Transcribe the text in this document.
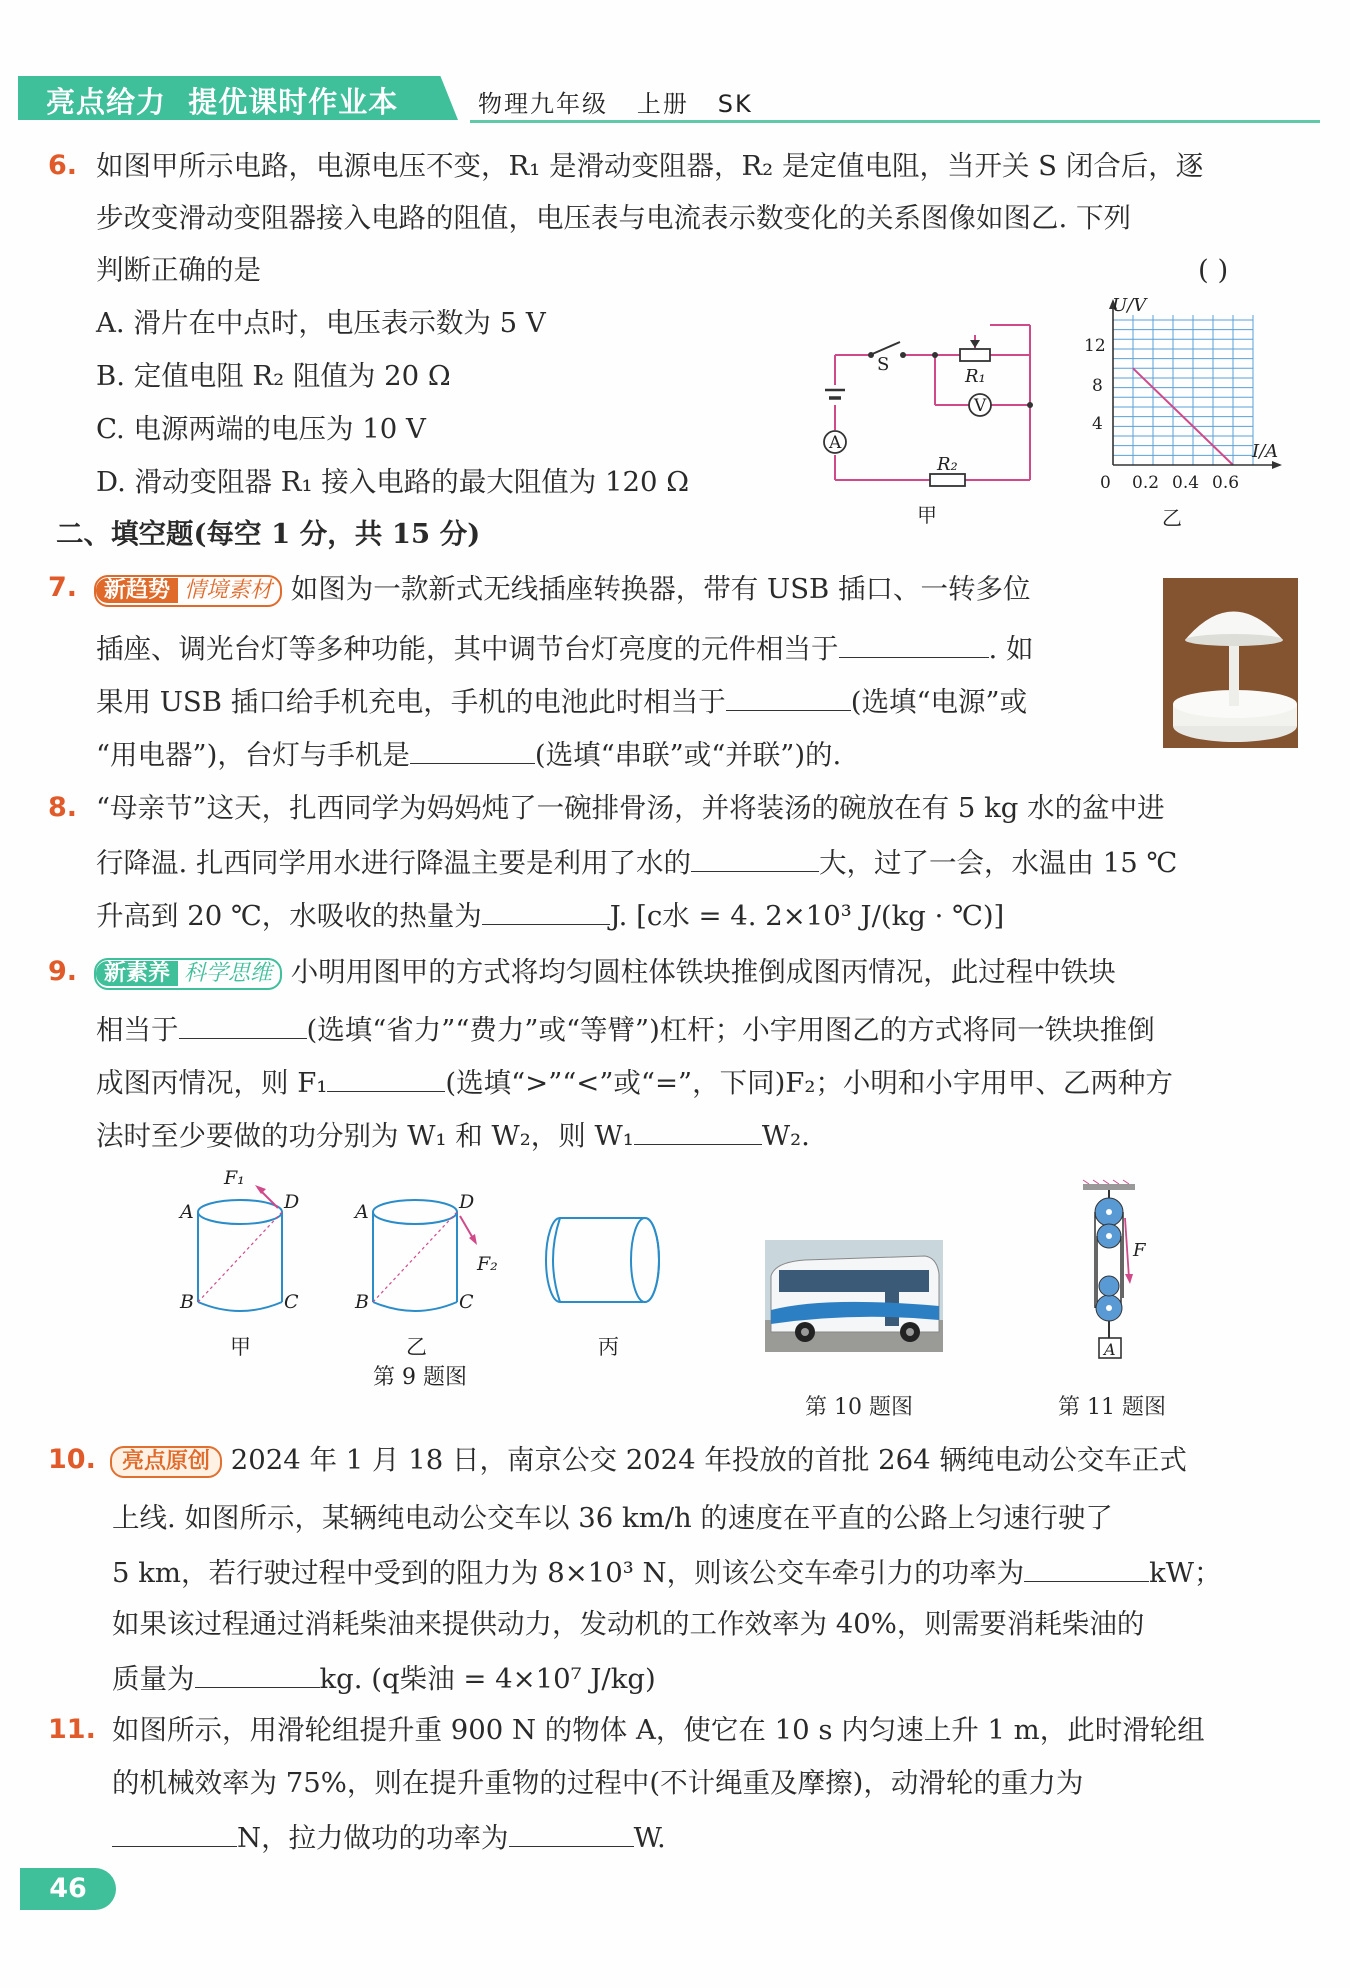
亮点给力  提优课时作业本	物理九年级   上册   SK
6. 如图甲所示电路，电源电压不变，R₁ 是滑动变阻器，R₂ 是定值电阻，当开关 S 闭合后，逐
步改变滑动变阻器接入电路的阻值，电压表与电流表示数变化的关系图像如图乙. 下列
判断正确的是	( )
A. 滑片在中点时，电压表示数为 5 V
B. 定值电阻 R₂ 阻值为 20 Ω
C. 电源两端的电压为 10 V
D. 滑动变阻器 R₁ 接入电路的最大阻值为 120 Ω
V
A
S
R₁
R₂
甲
U/V
I/A
12
8
4
0 0.2 0.4 0.6
乙
二、填空题(每空 1 分，共 15 分)
7.	新趋势 情境素材 如图为一款新式无线插座转换器，带有 USB 插口、一转多位
插座、调光台灯等多种功能，其中调节台灯亮度的元件相当于	. 如
果用 USB 插口给手机充电，手机的电池此时相当于	(选填“电源”或
“用电器”)，台灯与手机是	(选填“串联”或“并联”)的.
8. “母亲节”这天，扎西同学为妈妈炖了一碗排骨汤，并将装汤的碗放在有 5 kg 水的盆中进
行降温. 扎西同学用水进行降温主要是利用了水的	大，过了一会，水温由 15 ℃
升高到 20 ℃，水吸收的热量为	J. [c水 = 4. 2×10³ J/(kg · ℃)]
9.	新素养 科学思维 小明用图甲的方式将均匀圆柱体铁块推倒成图丙情况，此过程中铁块
相当于	(选填“省力”“费力”或“等臂”)杠杆；小宇用图乙的方式将同一铁块推倒
成图丙情况，则 F₁	(选填“>”“<”或“=”，下同)F₂；小明和小宇用甲、乙两种方
法时至少要做的功分别为 W₁ 和 W₂，则 W₁	W₂.
A	D
B	C
F₁
甲
A	D
B	C
F₂
乙	丙
第 9 题图
第 10 题图
F
A
第 11 题图
10.	亮点原创 2024 年 1 月 18 日，南京公交 2024 年投放的首批 264 辆纯电动公交车正式
上线. 如图所示，某辆纯电动公交车以 36 km/h 的速度在平直的公路上匀速行驶了
5 km，若行驶过程中受到的阻力为 8×10³ N，则该公交车牵引力的功率为	kW；
如果该过程通过消耗柴油来提供动力，发动机的工作效率为 40%，则需要消耗柴油的
质量为	kg. (q柴油 = 4×10⁷ J/kg)
11. 如图所示，用滑轮组提升重 900 N 的物体 A，使它在 10 s 内匀速上升 1 m，此时滑轮组
的机械效率为 75%，则在提升重物的过程中(不计绳重及摩擦)，动滑轮的重力为
N，拉力做功的功率为	W.
46
